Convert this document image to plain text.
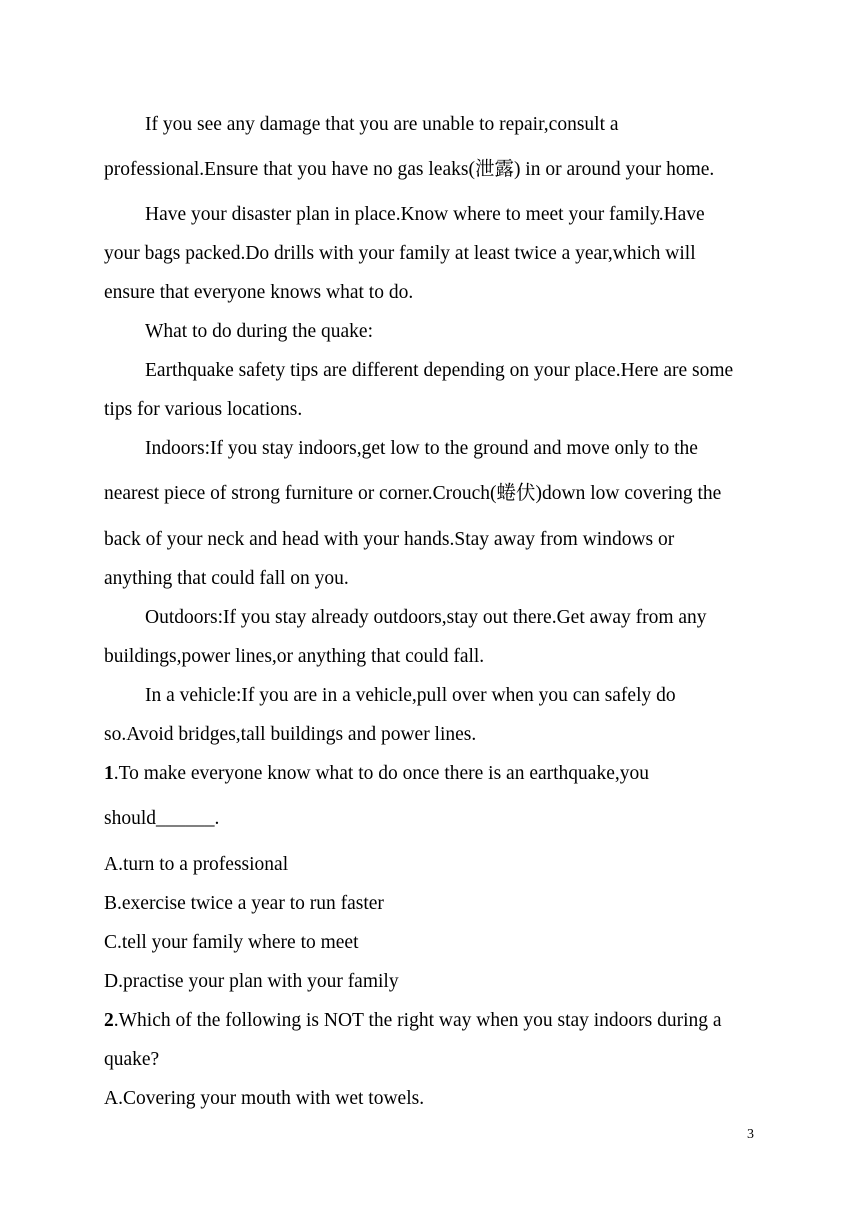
If you see any damage that you are unable to repair,consult a
professional.Ensure that you have no gas leaks(泄露) in or around your home.
Have your disaster plan in place.Know where to meet your family.Have
your bags packed.Do drills with your family at least twice a year,which will
ensure that everyone knows what to do.
What to do during the quake:
Earthquake safety tips are different depending on your place.Here are some
tips for various locations.
Indoors:If you stay indoors,get low to the ground and move only to the
nearest piece of strong furniture or corner.Crouch(蜷伏)down low covering the
back of your neck and head with your hands.Stay away from windows or
anything that could fall on you.
Outdoors:If you stay already outdoors,stay out there.Get away from any
buildings,power lines,or anything that could fall.
In a vehicle:If you are in a vehicle,pull over when you can safely do
so.Avoid bridges,tall buildings and power lines.
1.To make everyone know what to do once there is an earthquake,you
should______.
A.turn to a professional
B.exercise twice a year to run faster
C.tell your family where to meet
D.practise your plan with your family
2.Which of the following is NOT the right way when you stay indoors during a
quake?
A.Covering your mouth with wet towels.
3
